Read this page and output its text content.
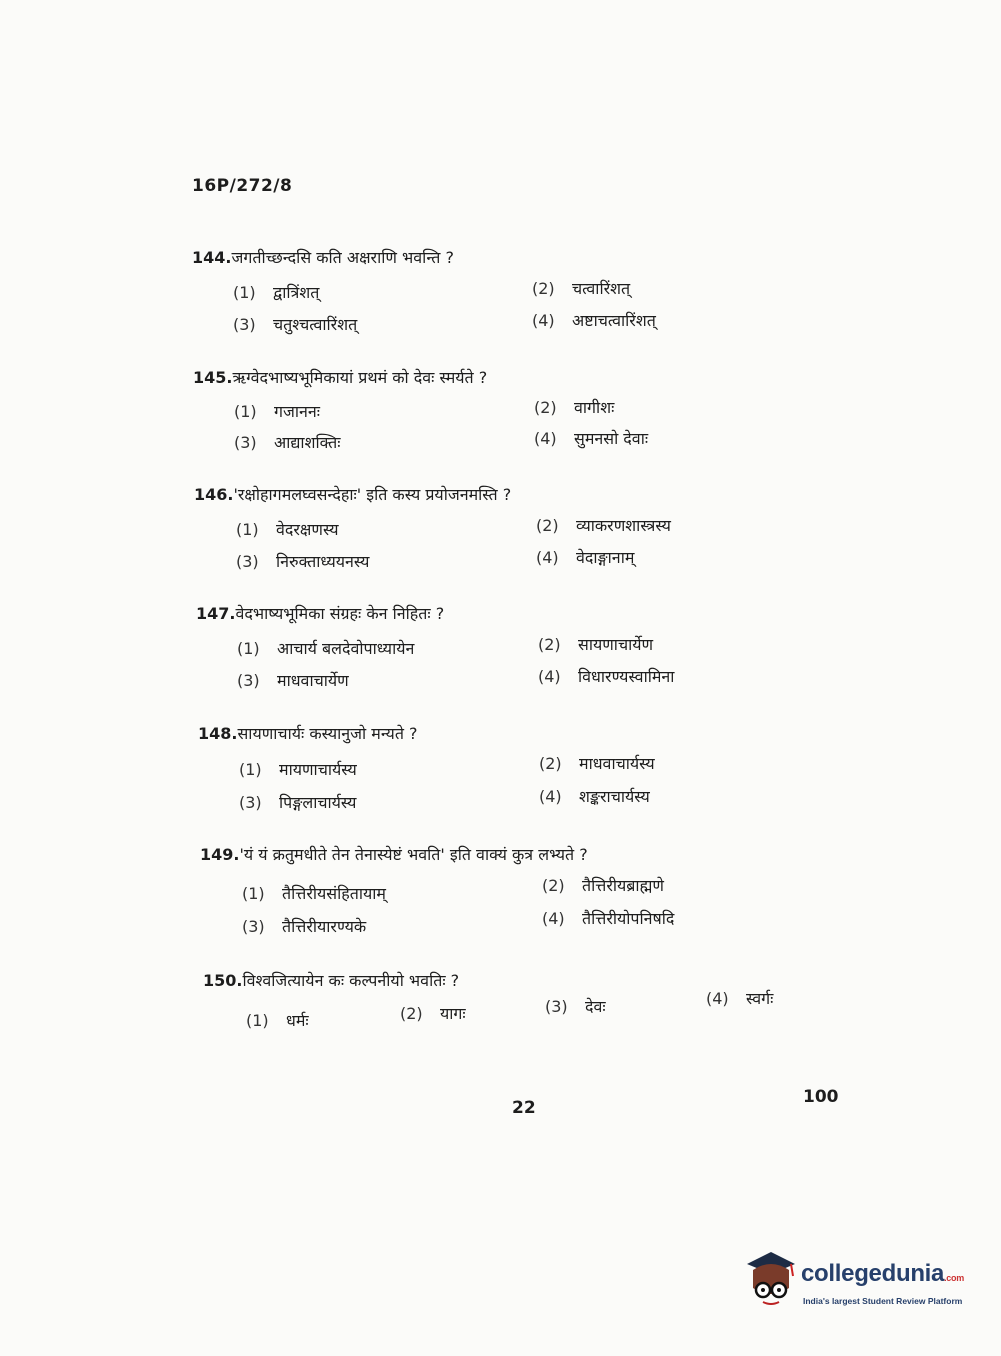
16P/272/8
144. जगतीच्छन्दसि कति अक्षराणि भवन्ति ?
(1)	द्वात्रिंशत्	(2)	चत्वारिंशत्
(3)	चतुश्चत्वारिंशत्	(4)	अष्टाचत्वारिंशत्
145. ऋग्वेदभाष्यभूमिकायां प्रथमं को देवः स्मर्यते ?
(1)	गजाननः	(2)	वागीशः
(3)	आद्याशक्तिः	(4)	सुमनसो देवाः
146. 'रक्षोहागमलघ्वसन्देहाः' इति कस्य प्रयोजनमस्ति ?
(1)	वेदरक्षणस्य	(2)	व्याकरणशास्त्रस्य
(3)	निरुक्ताध्ययनस्य	(4)	वेदाङ्गानाम्
147. वेदभाष्यभूमिका संग्रहः केन निहितः ?
(1)	आचार्य बलदेवोपाध्यायेन	(2)	सायणाचार्येण
(3)	माधवाचार्येण	(4)	विधारण्यस्वामिना
148. सायणाचार्यः कस्यानुजो मन्यते ?
(1)	मायणाचार्यस्य	(2)	माधवाचार्यस्य
(3)	पिङ्गलाचार्यस्य	(4)	शङ्कराचार्यस्य
149. 'यं यं क्रतुमधीते तेन तेनास्येष्टं भवति' इति वाक्यं कुत्र लभ्यते ?
(1)	तैत्तिरीयसंहितायाम्	(2)	तैत्तिरीयब्राह्मणे
(3)	तैत्तिरीयारण्यके	(4)	तैत्तिरीयोपनिषदि
150. विश्वजित्यायेन कः कल्पनीयो भवतिः ?
(1)	धर्मः	(2)	यागः	(3)	देवः	(4)	स्वर्गः
22
100
collegedunia.com
India's largest Student Review Platform
